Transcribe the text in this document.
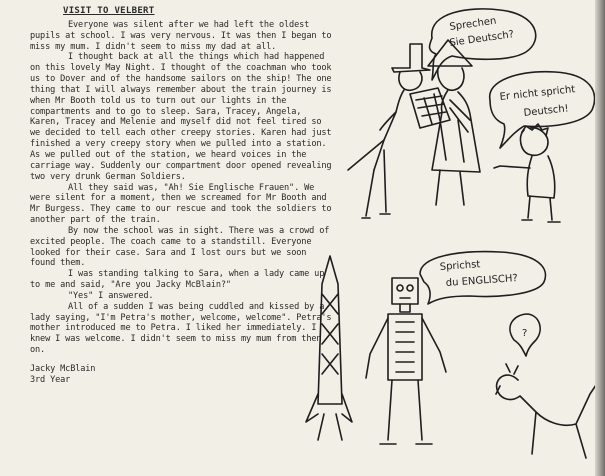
VISIT TO VELBERT

Everyone was silent after we had left the oldest pupils at school. I was very nervous. It was then I began to miss my mum. I didn't seem to miss my dad at all.

I thought back at all the things which had happened on this lovely May Night. I thought of the coachman who took us to Dover and of the handsome sailors on the ship! The one thing that I will always remember about the train journey is when Mr Booth told us to turn out our lights in the compartments and to go to sleep. Sara, Tracey, Angela, Karen, Tracey and Melenie and myself did not feel tired so we decided to tell each other creepy stories. Karen had just finished a very creepy story when we pulled into a station. As we pulled out of the station, we heard voices in the carriage way. Suddenly our compartment door opened revealing two very drunk German Soldiers.

All they said was, "Ah! Sie Englische Frauen". We were silent for a moment, then we screamed for Mr Booth and Mr Burgess. They came to our rescue and took the soldiers to another part of the train.

By now the school was in sight. There was a crowd of excited people. The coach came to a standstill. Everyone looked for their case. Sara and I lost ours but we soon found them.

I was standing talking to Sara, when a lady came up to me and said, "Are you Jacky McBlain?"

"Yes" I answered.

All of a sudden I was being cuddled and kissed by a lady saying, "I'm Petra's mother, welcome, welcome". Petra's mother introduced me to Petra. I liked her immediately. I knew I was welcome. I didn't seem to miss my mum from then on.

Jacky McBlain
3rd Year
Sprechen
Sie Deutsch?
Er nicht spricht
Deutsch!
Sprichst
du ENGLISCH?
?
